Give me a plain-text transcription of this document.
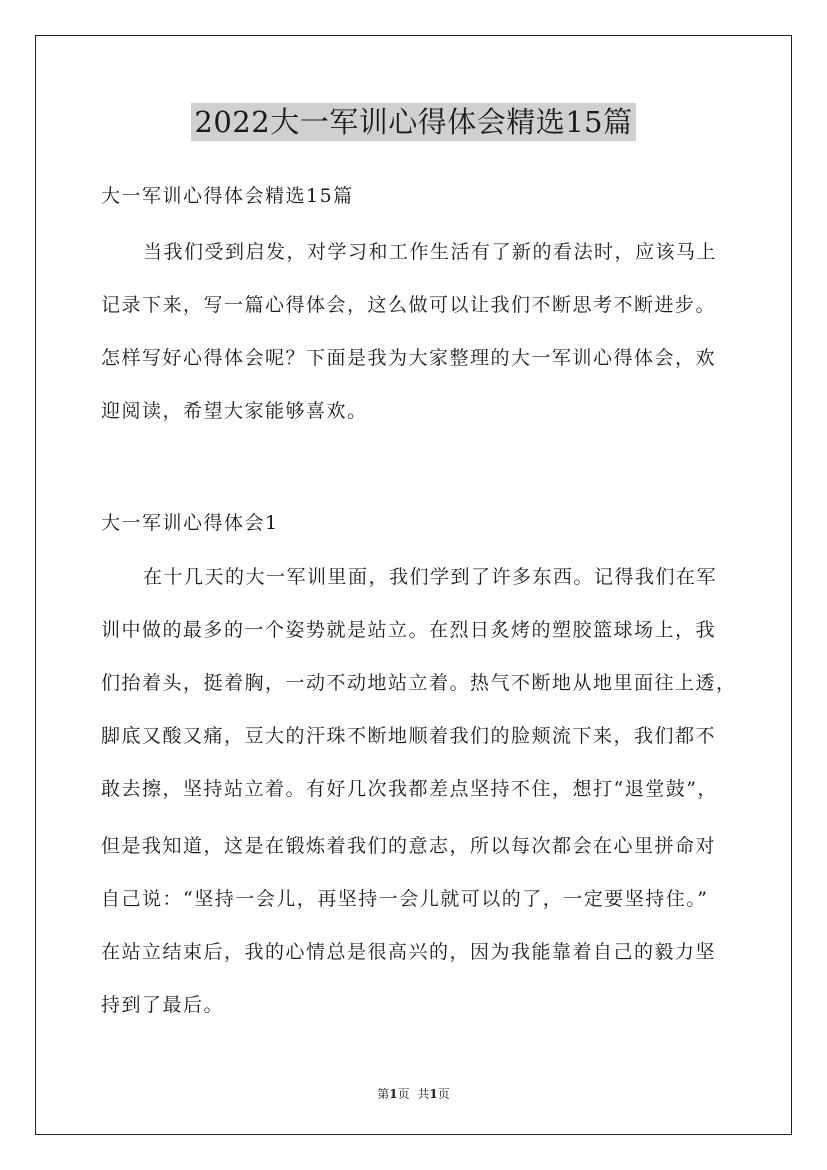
2022大一军训心得体会精选15篇
大一军训心得体会精选15篇
当我们受到启发，对学习和工作生活有了新的看法时，应该马上
记录下来，写一篇心得体会，这么做可以让我们不断思考不断进步。
怎样写好心得体会呢？下面是我为大家整理的大一军训心得体会，欢
迎阅读，希望大家能够喜欢。
大一军训心得体会1
在十几天的大一军训里面，我们学到了许多东西。记得我们在军
训中做的最多的一个姿势就是站立。在烈日炙烤的塑胶篮球场上，我
们抬着头，挺着胸，一动不动地站立着。热气不断地从地里面往上透，
脚底又酸又痛，豆大的汗珠不断地顺着我们的脸颊流下来，我们都不
敢去擦，坚持站立着。有好几次我都差点坚持不住，想打“退堂鼓”，
但是我知道，这是在锻炼着我们的意志，所以每次都会在心里拼命对
自己说：“坚持一会儿，再坚持一会儿就可以的了，一定要坚持住。”
在站立结束后，我的心情总是很高兴的，因为我能靠着自己的毅力坚
持到了最后。
第1页 共1页
